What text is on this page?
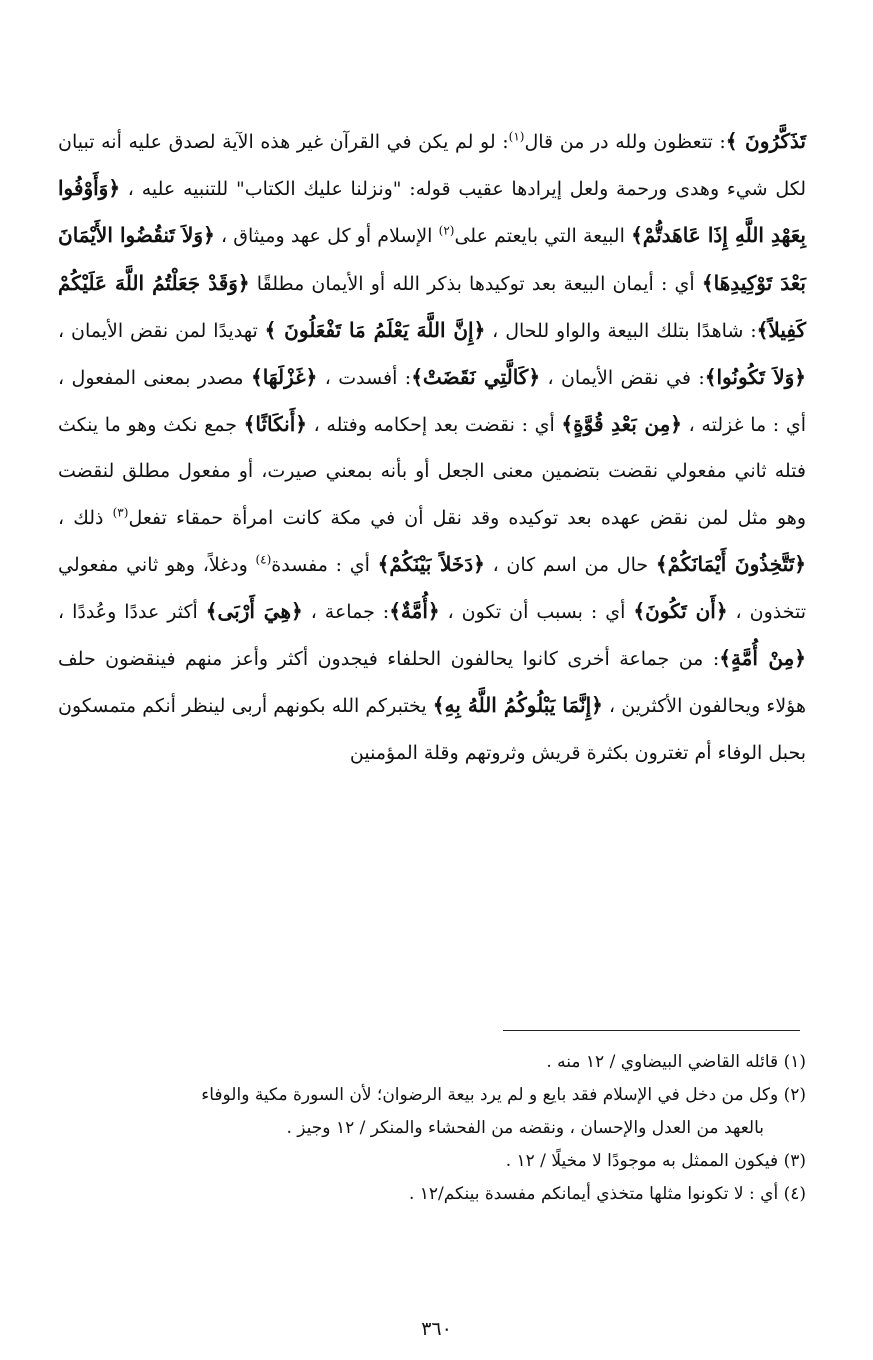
تَذَكَّرُونَ ﴾: تتعظون ولله در من قال$^{(١)}$: لو لم يكن في القرآن غير هذه الآية لصدق عليه أنه تبيان لكل شيء وهدى ورحمة ولعل إيرادها عقيب قوله: "ونزلنا عليك الكتاب" للتنبيه عليه ، ﴿وَأَوْفُوا بِعَهْدِ اللَّهِ إِذَا عَاهَدتُّمْ﴾ البيعة التي بايعتم على$^{(٢)}$ الإسلام أو كل عهد وميثاق ، ﴿وَلاَ تَنقُضُوا الأَيْمَانَ بَعْدَ تَوْكِيدِهَا﴾ أي : أيمان البيعة بعد توكيدها بذكر الله أو الأيمان مطلقًا ﴿وَقَدْ جَعَلْتُمُ اللَّهَ عَلَيْكُمْ كَفِيلاً﴾: شاهدًا بتلك البيعة والواو للحال ، ﴿إِنَّ اللَّهَ يَعْلَمُ مَا تَفْعَلُونَ ﴾ تهديدًا لمن نقض الأيمان ، ﴿وَلاَ تَكُونُوا﴾: في نقض الأيمان ، ﴿كَالَّتِي نَقَضَتْ﴾: أفسدت ، ﴿غَزْلَهَا﴾ مصدر بمعنى المفعول ، أي : ما غزلته ، ﴿مِن بَعْدِ قُوَّةٍ﴾ أي : نقضت بعد إحكامه وفتله ، ﴿أَنكَاثًا﴾ جمع نكث وهو ما ينكث فتله ثاني مفعولي نقضت بتضمين معنى الجعل أو بأنه بمعني صيرت، أو مفعول مطلق لنقضت وهو مثل لمن نقض عهده بعد توكيده وقد نقل أن في مكة كانت امرأة حمقاء تفعل$^{(٣)}$ ذلك ، ﴿تَتَّخِذُونَ أَيْمَانَكُمْ﴾ حال من اسم كان ، ﴿دَخَلاً بَيْنَكُمْ﴾ أي : مفسدة$^{(٤)}$ ودغلاً، وهو ثاني مفعولي تتخذون ، ﴿أَن تَكُونَ﴾ أي : بسبب أن تكون ، ﴿أُمَّةٌ﴾: جماعة ، ﴿هِيَ أَرْبَى﴾ أكثر عددًا وعُددًا ، ﴿مِنْ أُمَّةٍ﴾: من جماعة أخرى كانوا يحالفون الحلفاء فيجدون أكثر وأعز منهم فينقضون حلف هؤلاء ويحالفون الأكثرين ، ﴿إِنَّمَا يَبْلُوكُمُ اللَّهُ بِهِ﴾ يختبركم الله بكونهم أربى لينظر أنكم متمسكون بحبل الوفاء أم تغترون بكثرة قريش وثروتهم وقلة المؤمنين

(١) قائله القاضي البيضاوي / ١٢ منه .

(٢) وكل من دخل في الإسلام فقد بايع و لم يرد بيعة الرضوان؛ لأن السورة مكية والوفاء

بالعهد من العدل والإحسان ، ونقضه من الفحشاء والمنكر / ١٢ وجيز .

(٣) فيكون الممثل به موجودًا لا مخيلًا / ١٢ .

(٤) أي : لا تكونوا مثلها متخذي أيمانكم مفسدة بينكم/١٢ .

٣٦٠
